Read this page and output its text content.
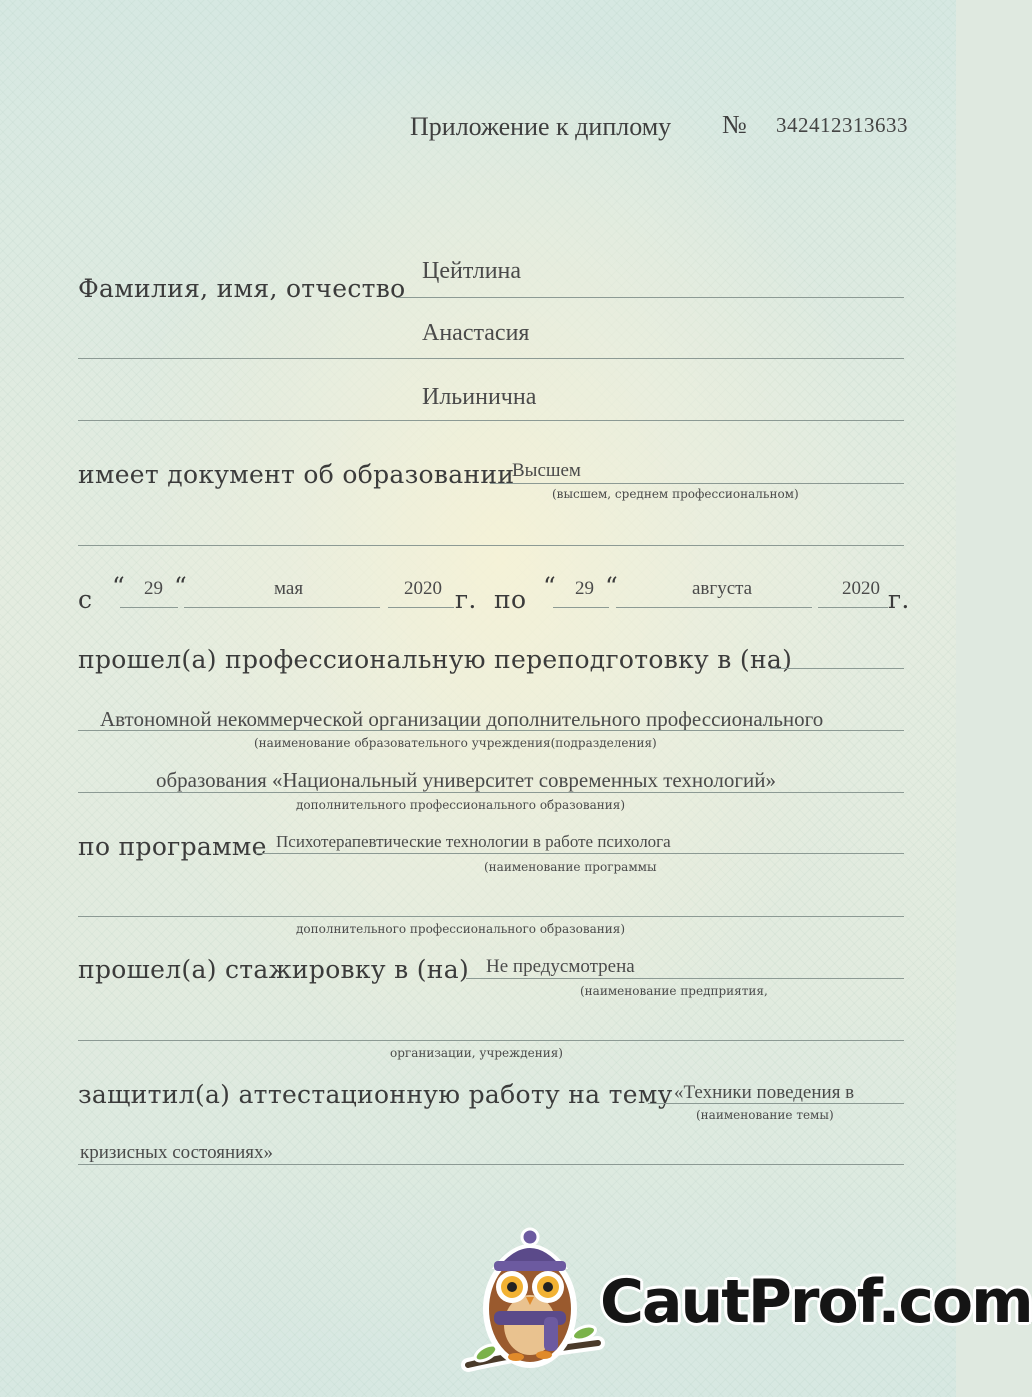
Приложение к диплому № 342412313633
Фамилия, имя, отчество
Цейтлина
Анастасия
Ильинична
имеет документ об образовании
Высшем
(высшем, среднем профессиональном)
с “ 29 “	мая	2020 г. по “ 29 “	августа	2020 г.
прошел(а) профессиональную переподготовку в (на)
Автономной некоммерческой организации дополнительного профессионального
(наименование образовательного учреждения(подразделения)
образования «Национальный университет современных технологий»
дополнительного профессионального образования)
по программе Психотерапевтические технологии в работе психолога
(наименование программы
дополнительного профессионального образования)
прошел(а) стажировку в (на) Не предусмотрена
(наименование предприятия,
организации, учреждения)
защитил(а) аттестационную работу на тему «Техники поведения в
(наименование темы)
кризисных состояниях»
CautProf.com
